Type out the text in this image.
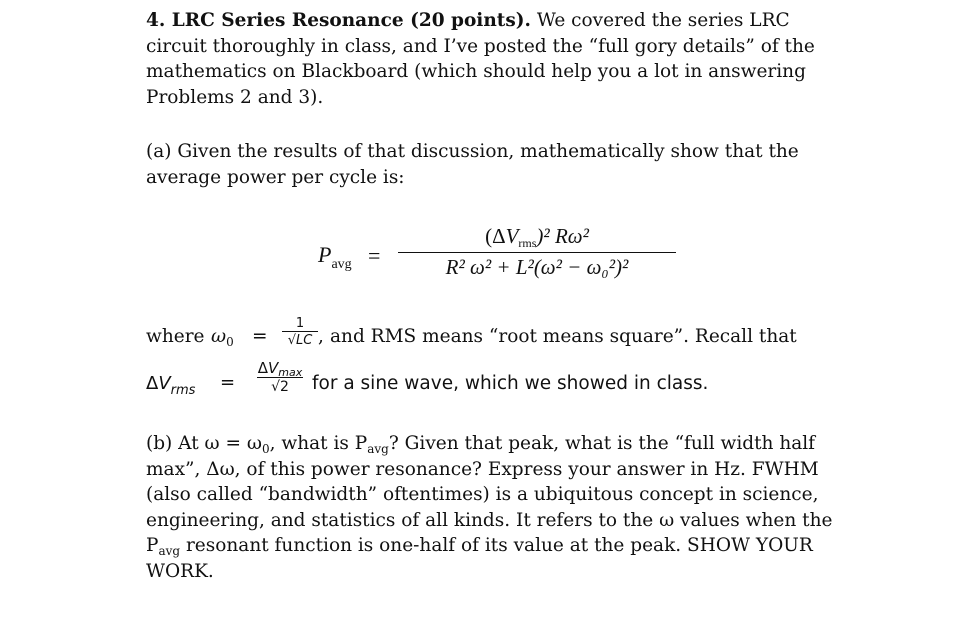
4. LRC Series Resonance (20 points). We covered the series LRC circuit thoroughly in class, and I’ve posted the “full gory details” of the mathematics on Blackboard (which should help you a lot in answering Problems 2 and 3).

(a) Given the results of that discussion, mathematically show that the average power per cycle is:

$P_{avg}$ =
$(\Delta V_{rms})^2$ Rω²
R² ω² + L²(ω² − ω₀²)²
where $\omega_0$ =
1
√LC , and RMS means “root means square”. Recall that
$\Delta V_{rms}$ =
$\Delta V_{max}$
√2	for a sine wave, which we showed in class.

(b) At $\omega = \omega_0$, what is $P_{avg}$? Given that peak, what is the “full width half max”, Δω, of this power resonance? Express your answer in Hz. FWHM (also called “bandwidth” oftentimes) is a ubiquitous concept in science, engineering, and statistics of all kinds. It refers to the ω values when the $P_{avg}$ resonant function is one-half of its value at the peak. SHOW YOUR WORK.
